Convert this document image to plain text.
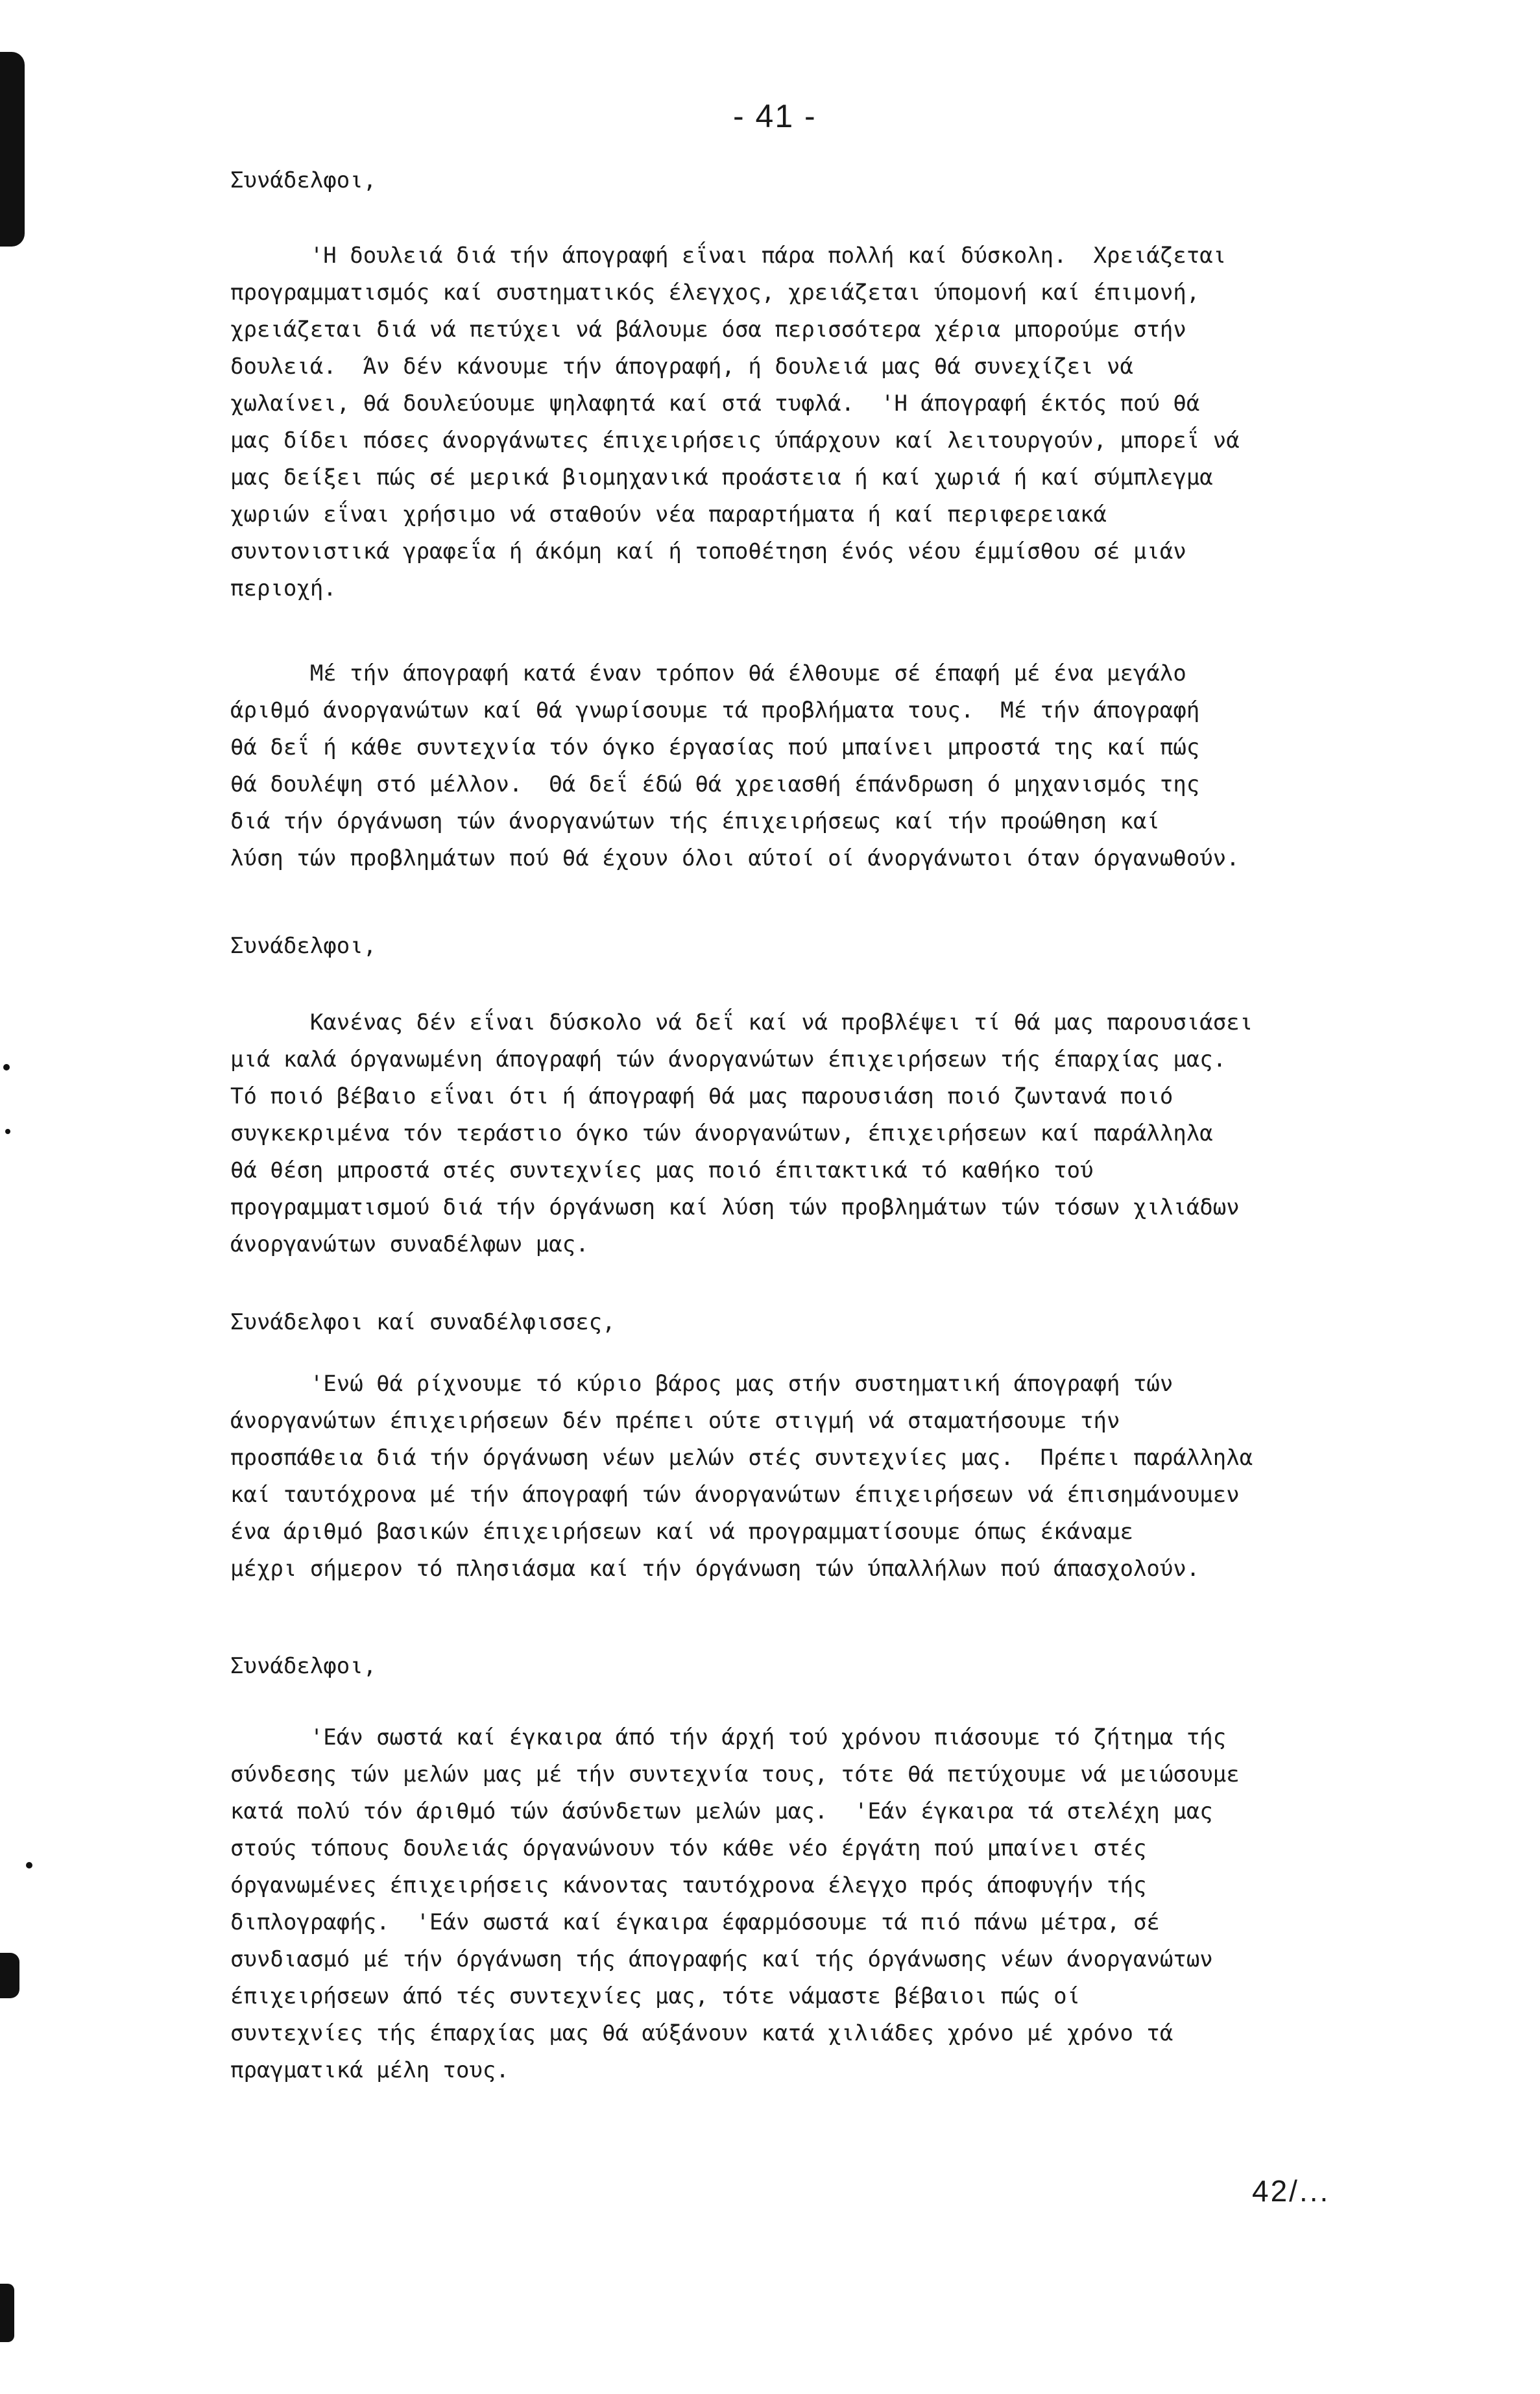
- 41 -
Συνάδελφοι,
'Η δουλειά διά τήν άπογραφή εΐναι πάρα πολλή καί δύσκολη.  Χρειάζεται
προγραμματισμός καί συστηματικός έλεγχος, χρειάζεται ύπομονή καί έπιμονή,
χρειάζεται διά νά πετύχει νά βάλουμε όσα περισσότερα χέρια μπορούμε στήν
δουλειά.  Άν δέν κάνουμε τήν άπογραφή, ή δουλειά μας θά συνεχίζει νά
χωλαίνει, θά δουλεύουμε ψηλαφητά καί στά τυφλά.  'Η άπογραφή έκτός πού θά
μας δίδει πόσες άνοργάνωτες έπιχειρήσεις ύπάρχουν καί λειτουργούν, μπορεΐ νά
μας δείξει πώς σέ μερικά βιομηχανικά προάστεια ή καί χωριά ή καί σύμπλεγμα
χωριών εΐναι χρήσιμο νά σταθούν νέα παραρτήματα ή καί περιφερειακά
συντονιστικά γραφεΐα ή άκόμη καί ή τοποθέτηση ένός νέου έμμίσθου σέ μιάν
περιοχή.
Μέ τήν άπογραφή κατά έναν τρόπον θά έλθουμε σέ έπαφή μέ ένα μεγάλο
άριθμό άνοργανώτων καί θά γνωρίσουμε τά προβλήματα τους.  Μέ τήν άπογραφή
θά δεΐ ή κάθε συντεχνία τόν όγκο έργασίας πού μπαίνει μπροστά της καί πώς
θά δουλέψη στό μέλλον.  Θά δεΐ έδώ θά χρειασθή έπάνδρωση ό μηχανισμός της
διά τήν όργάνωση τών άνοργανώτων τής έπιχειρήσεως καί τήν προώθηση καί
λύση τών προβλημάτων πού θά έχουν όλοι αύτοί οί άνοργάνωτοι όταν όργανωθούν.
Συνάδελφοι,
Κανένας δέν εΐναι δύσκολο νά δεΐ καί νά προβλέψει τί θά μας παρουσιάσει
μιά καλά όργανωμένη άπογραφή τών άνοργανώτων έπιχειρήσεων τής έπαρχίας μας.
Τό ποιό βέβαιο εΐναι ότι ή άπογραφή θά μας παρουσιάση ποιό ζωντανά ποιό
συγκεκριμένα τόν τεράστιο όγκο τών άνοργανώτων, έπιχειρήσεων καί παράλληλα
θά θέση μπροστά στές συντεχνίες μας ποιό έπιτακτικά τό καθήκο τού
προγραμματισμού διά τήν όργάνωση καί λύση τών προβλημάτων τών τόσων χιλιάδων
άνοργανώτων συναδέλφων μας.
Συνάδελφοι καί συναδέλφισσες,
'Ενώ θά ρίχνουμε τό κύριο βάρος μας στήν συστηματική άπογραφή τών
άνοργανώτων έπιχειρήσεων δέν πρέπει ούτε στιγμή νά σταματήσουμε τήν
προσπάθεια διά τήν όργάνωση νέων μελών στές συντεχνίες μας.  Πρέπει παράλληλα
καί ταυτόχρονα μέ τήν άπογραφή τών άνοργανώτων έπιχειρήσεων νά έπισημάνουμεν
ένα άριθμό βασικών έπιχειρήσεων καί νά προγραμματίσουμε όπως έκάναμε
μέχρι σήμερον τό πλησιάσμα καί τήν όργάνωση τών ύπαλλήλων πού άπασχολούν.
Συνάδελφοι,
'Εάν σωστά καί έγκαιρα άπό τήν άρχή τού χρόνου πιάσουμε τό ζήτημα τής
σύνδεσης τών μελών μας μέ τήν συντεχνία τους, τότε θά πετύχουμε νά μειώσουμε
κατά πολύ τόν άριθμό τών άσύνδετων μελών μας.  'Εάν έγκαιρα τά στελέχη μας
στούς τόπους δουλειάς όργανώνουν τόν κάθε νέο έργάτη πού μπαίνει στές
όργανωμένες έπιχειρήσεις κάνοντας ταυτόχρονα έλεγχο πρός άποφυγήν τής
διπλογραφής.  'Εάν σωστά καί έγκαιρα έφαρμόσουμε τά πιό πάνω μέτρα, σέ
συνδιασμό μέ τήν όργάνωση τής άπογραφής καί τής όργάνωσης νέων άνοργανώτων
έπιχειρήσεων άπό τές συντεχνίες μας, τότε νάμαστε βέβαιοι πώς οί
συντεχνίες τής έπαρχίας μας θά αύξάνουν κατά χιλιάδες χρόνο μέ χρόνο τά
πραγματικά μέλη τους.
42/...
